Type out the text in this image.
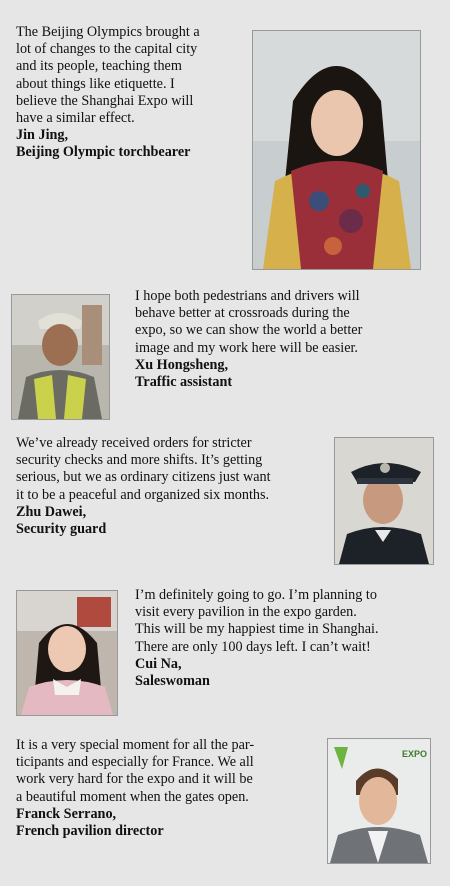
The Beijing Olympics brought a
lot of changes to the capital city
and its people, teaching them
about things like etiquette. I
believe the Shanghai Expo will
have a similar effect.
Jin Jing,
Beijing Olympic torchbearer
I hope both pedestrians and drivers will
behave better at crossroads during the
expo, so we can show the world a better
image and my work here will be easier.
Xu Hongsheng,
Traffic assistant
We’ve already received orders for stricter
security checks and more shifts. It’s getting
serious, but we as ordinary citizens just want
it to be a peaceful and organized six months.
Zhu Dawei,
Security guard
I’m definitely going to go. I’m planning to
visit every pavilion in the expo garden.
This will be my happiest time in Shanghai.
There are only 100 days left. I can’t wait!
Cui Na,
Saleswoman
It is a very special moment for all the par-
ticipants and especially for France. We all
work very hard for the expo and it will be
a beautiful moment when the gates open.
Franck Serrano,
French pavilion director
EXPO
